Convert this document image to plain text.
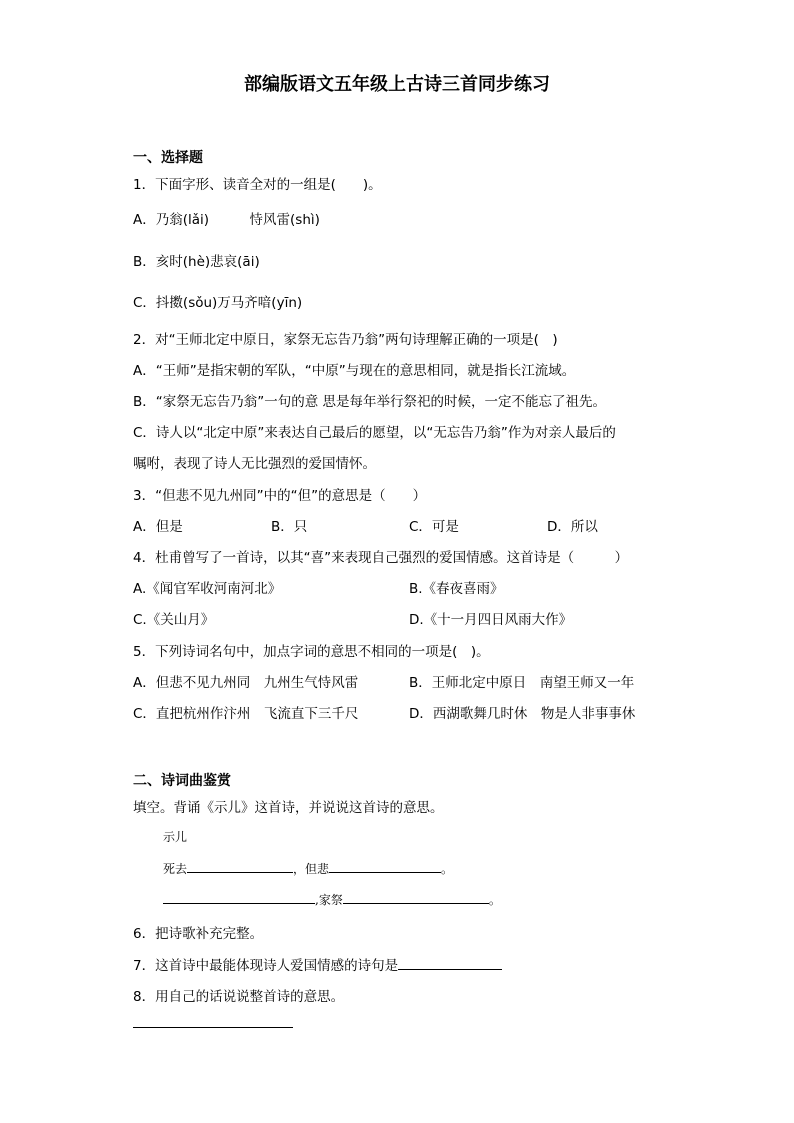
部编版语文五年级上古诗三首同步练习
一、选择题
1．下面字形、读音全对的一组是(　　)。
A．乃翁(lǎi)　　　恃风雷(shì)
B．亥时(hè)悲哀(āi)
C．抖擞(sǒu)万马齐喑(yīn)
2．对“王师北定中原日，家祭无忘告乃翁”两句诗理解正确的一项是(　)
A．“王师”是指宋朝的军队，“中原”与现在的意思相同，就是指长江流域。
B．“家祭无忘告乃翁”一句的意 思是每年举行祭祀的时候，一定不能忘了祖先。
C．诗人以“北定中原”来表达自己最后的愿望，以“无忘告乃翁”作为对亲人最后的
嘱咐，表现了诗人无比强烈的爱国情怀。
3．“但悲不见九州同”中的“但”的意思是（　　）
A．但是	B．只	C．可是	D．所以
4．杜甫曾写了一首诗，以其“喜”来表现自己强烈的爱国情感。这首诗是（　　　）
A.《闻官军收河南河北》	B.《春夜喜雨》
C.《关山月》	D.《十一月四日风雨大作》
5．下列诗词名句中，加点字词的意思不相同的一项是(　)。
A．但悲不见九州同　九州生气恃风雷	B．王师北定中原日　南望王师又一年
C．直把杭州作汴州　飞流直下三千尺	D．西湖歌舞几时休　物是人非事事休
二、诗词曲鉴赏
填空。背诵《示儿》这首诗，并说说这首诗的意思。
示儿
死去	，但悲	。
,家祭	。
6．把诗歌补充完整。
7．这首诗中最能体现诗人爱国情感的诗句是
8．用自己的话说说整首诗的意思。
